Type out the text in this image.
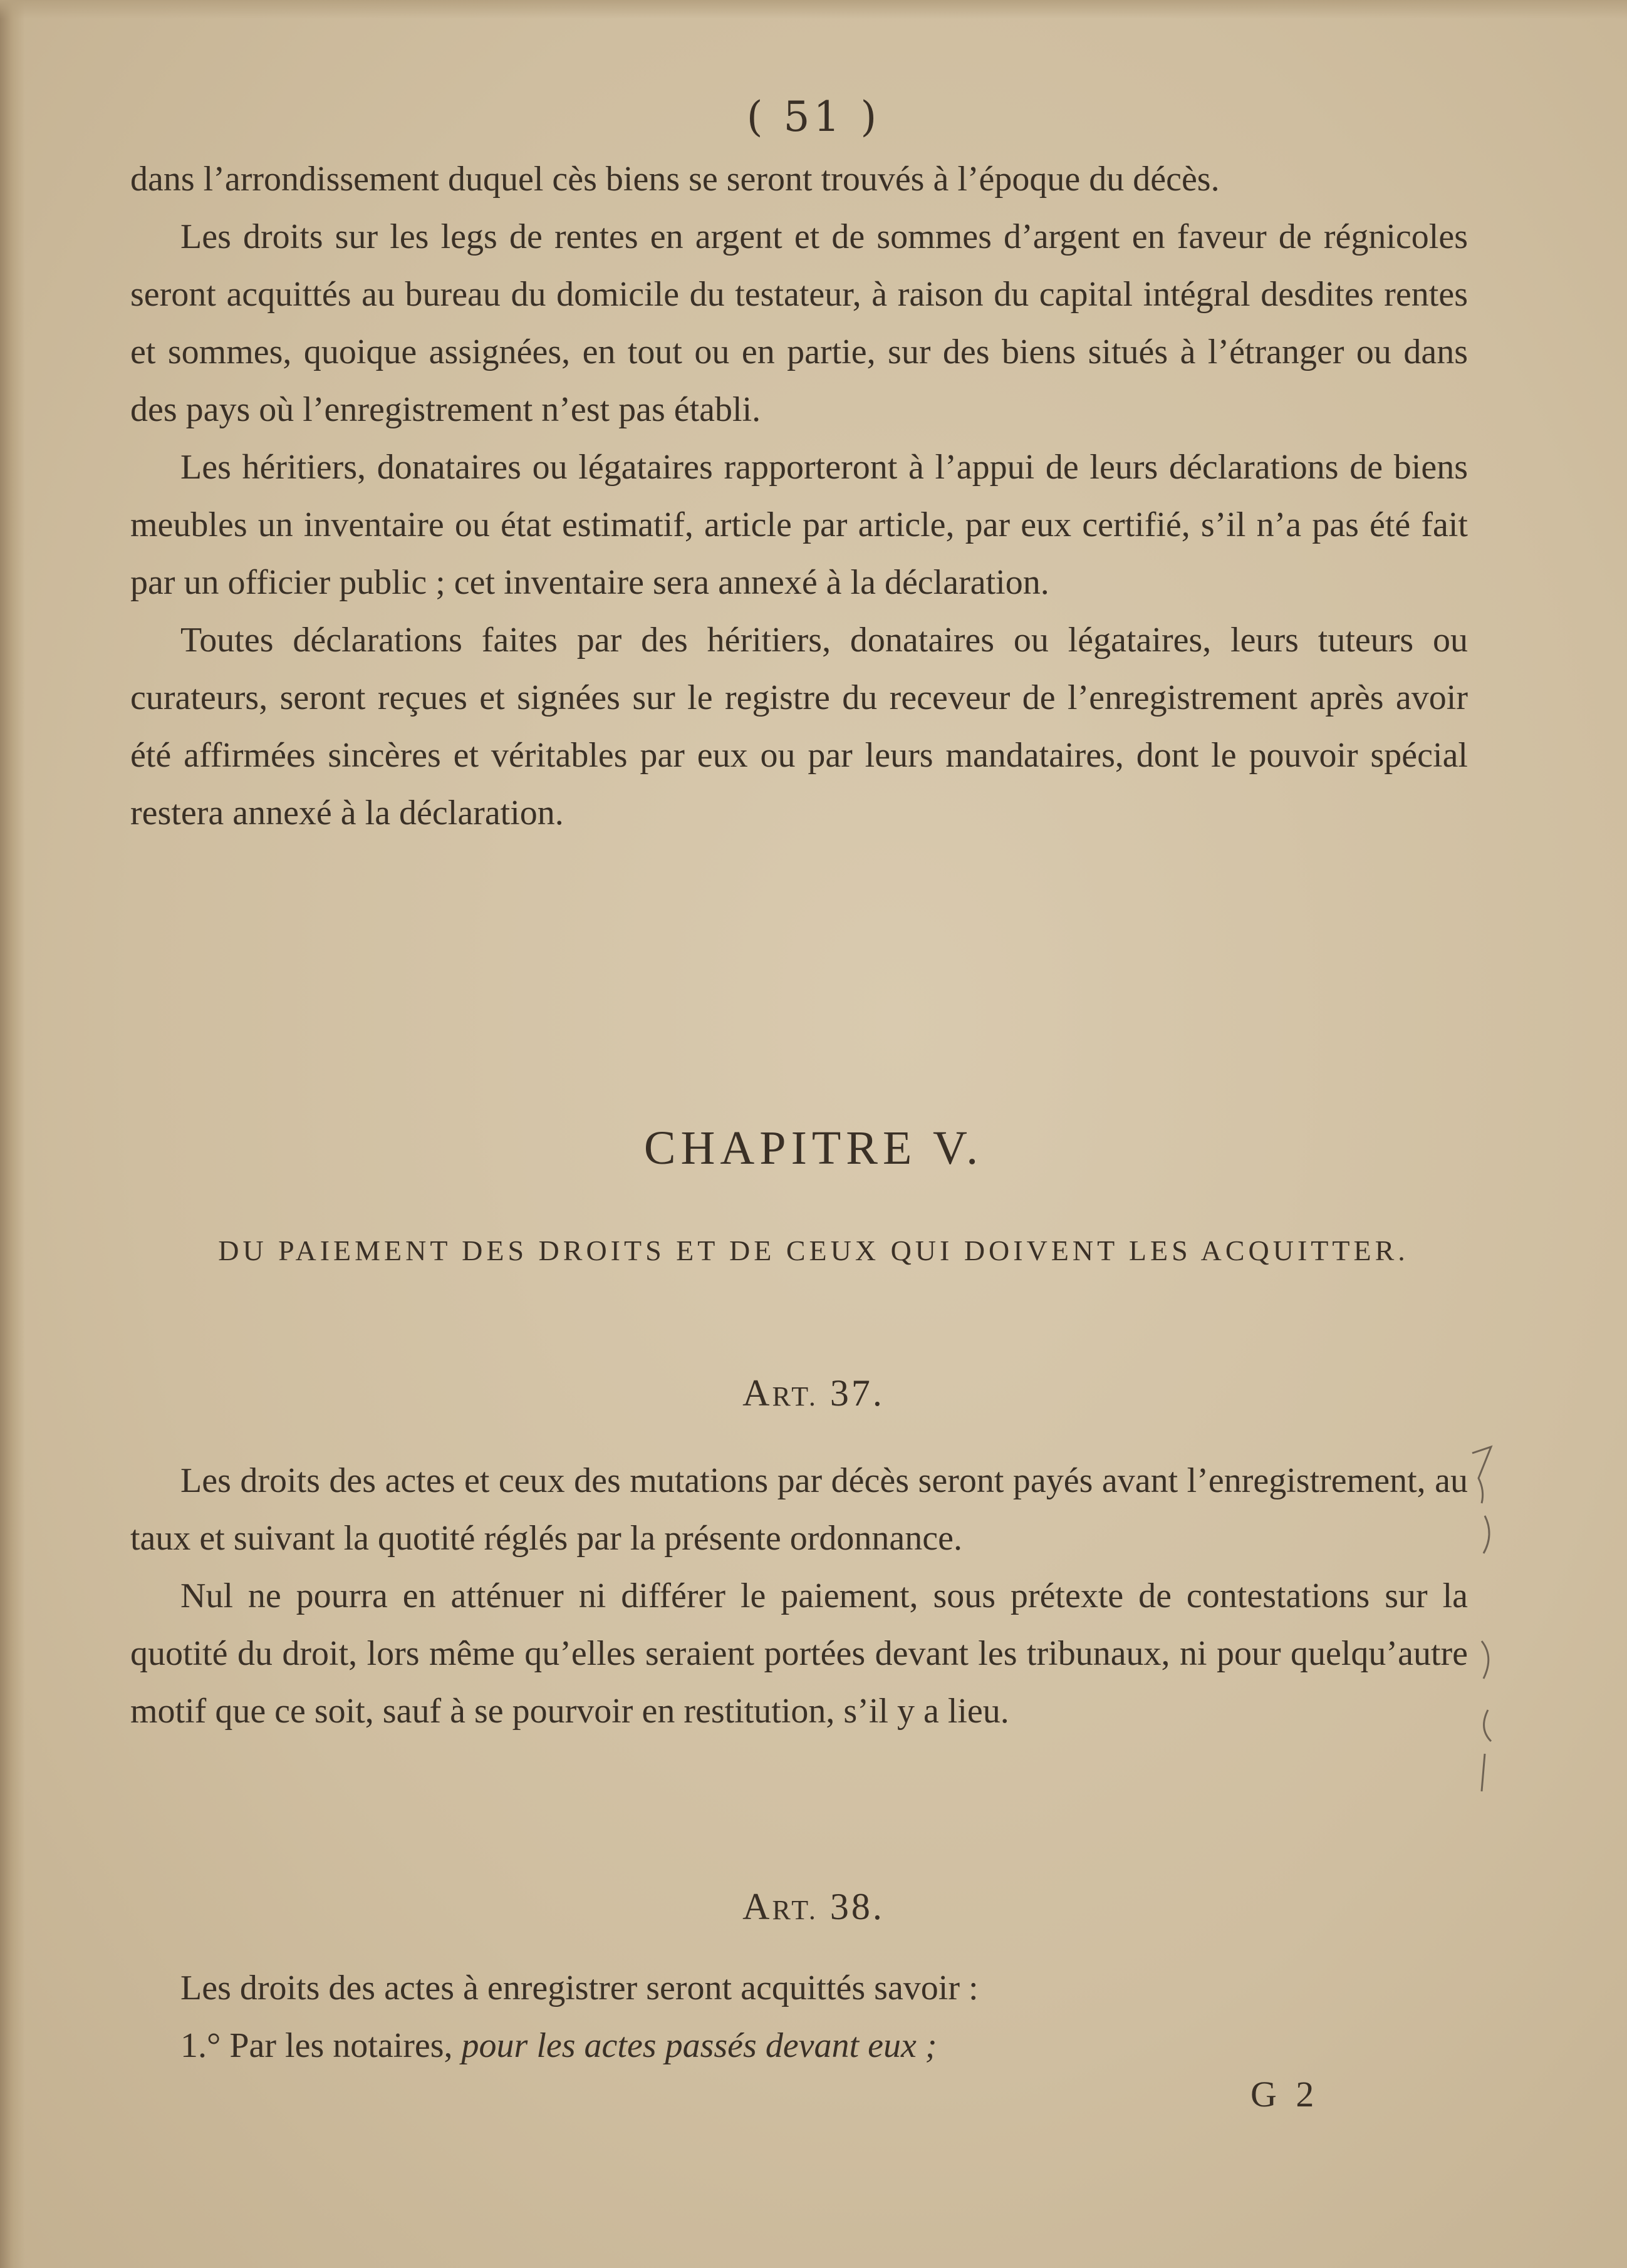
( 51 )

dans l’arrondissement duquel cès biens se seront trouvés à l’époque du décès.

Les droits sur les legs de rentes en argent et de sommes d’argent en faveur de régnicoles seront acquittés au bureau du domicile du testateur, à raison du capital intégral desdites rentes et sommes, quoique assignées, en tout ou en partie, sur des biens situés à l’étranger ou dans des pays où l’enregistrement n’est pas établi.

Les héritiers, donataires ou légataires rapporteront à l’appui de leurs déclarations de biens meubles un inventaire ou état estimatif, article par article, par eux certifié, s’il n’a pas été fait par un officier public ; cet inventaire sera annexé à la déclaration.

Toutes déclarations faites par des héritiers, donataires ou légataires, leurs tuteurs ou curateurs, seront reçues et signées sur le registre du receveur de l’enregistrement après avoir été affirmées sincères et véritables par eux ou par leurs mandataires, dont le pouvoir spécial restera annexé à la déclaration.

CHAPITRE V.
DU PAIEMENT DES DROITS ET DE CEUX QUI DOIVENT LES ACQUITTER.
ART. 37.

Les droits des actes et ceux des mutations par décès seront payés avant l’enregistrement, au taux et suivant la quotité réglés par la présente ordonnance.

Nul ne pourra en atténuer ni différer le paiement, sous prétexte de contestations sur la quotité du droit, lors même qu’elles seraient portées devant les tribunaux, ni pour quelqu’autre motif que ce soit, sauf à se pourvoir en restitution, s’il y a lieu.

ART. 38.

Les droits des actes à enregistrer seront acquittés savoir :

1.° Par les notaires, pour les actes passés devant eux ;

G 2
